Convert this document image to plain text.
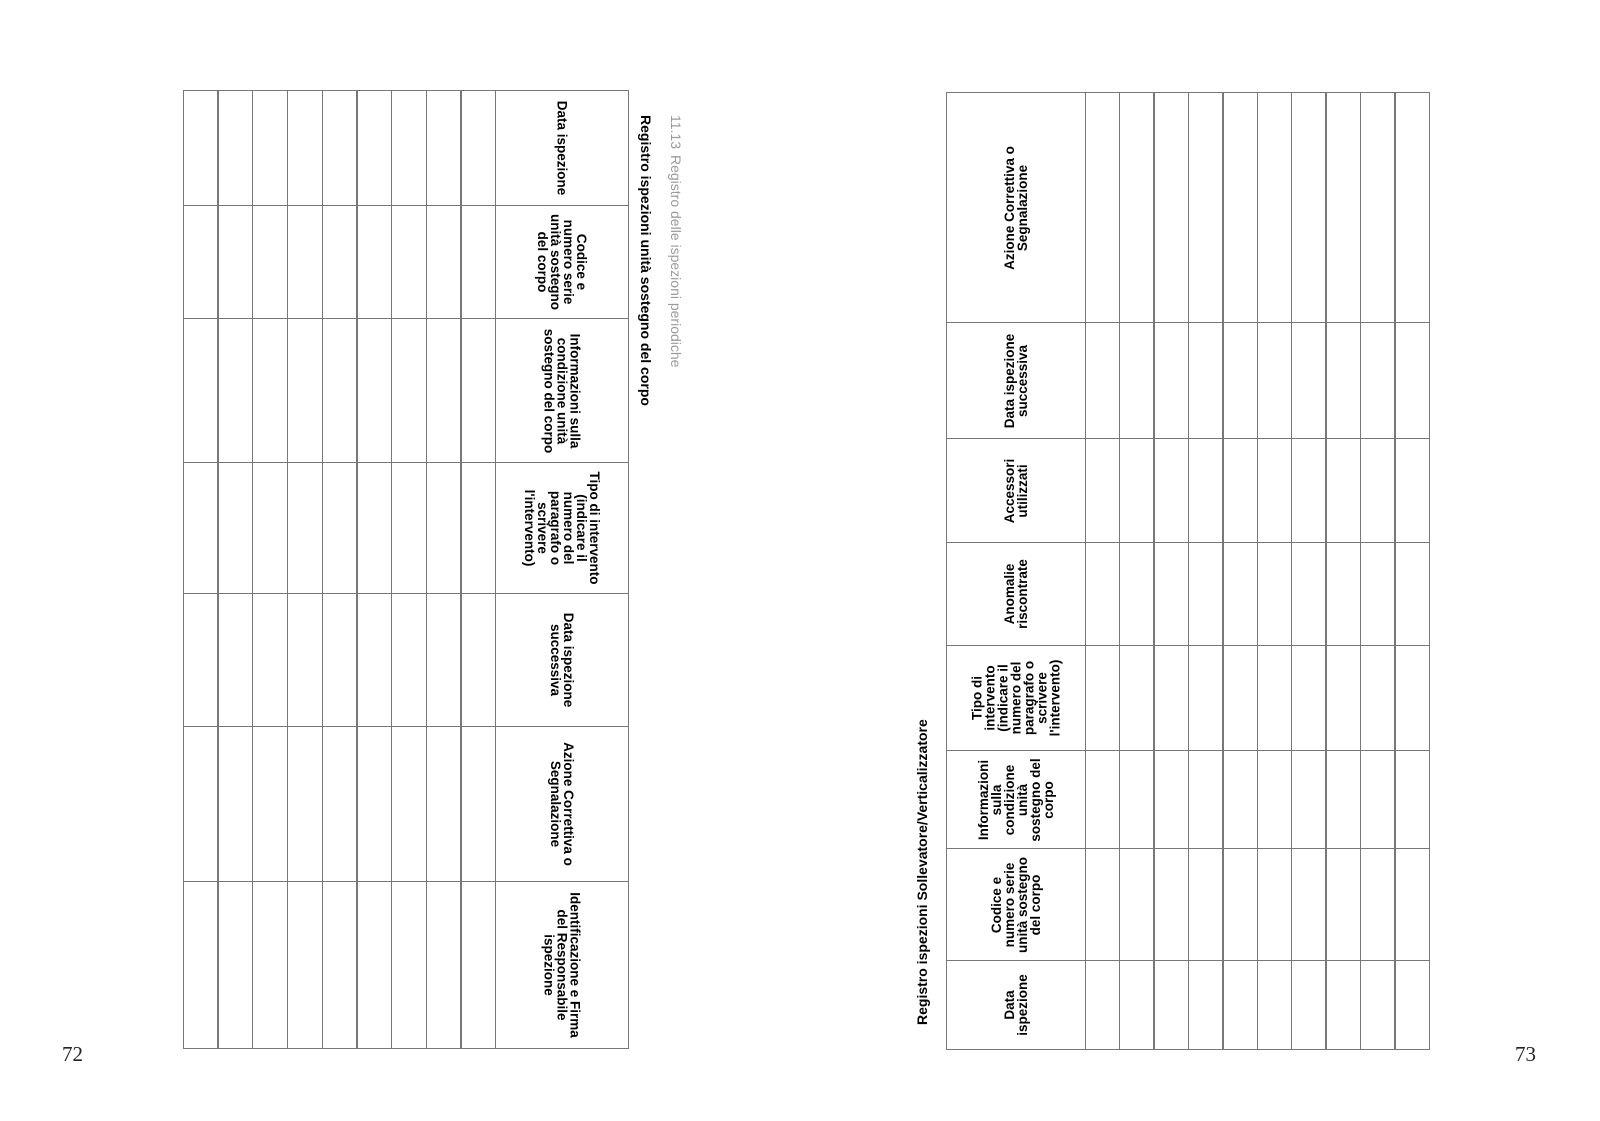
11.13Registro delle ispezioni periodiche
Registro ispezioni unità sostegno del corpo
Data ispezione
Codice e numero serie unità sostegno del corpo
Informazioni sulla condizione unità sostegno del corpo
Tipo di intervento (indicare il numero del paragrafo o scrivere l'intervento)
Data ispezione successiva
Azione Correttiva o Segnalazione
Identificazione e Firma del Responsabile ispezione
72
Registro ispezioni Sollevatore/Verticalizzatore	Data ispezione
Codice e numero serie unità sostegno del corpo
Informazioni sulla condizione unità sostegno del corpo
Tipo di intervento (indicare il numero del paragrafo o scrivere l'intervento)
Anomalie riscontrate
Accessori utilizzati
Data ispezione successiva
Azione Correttiva o Segnalazione
73
